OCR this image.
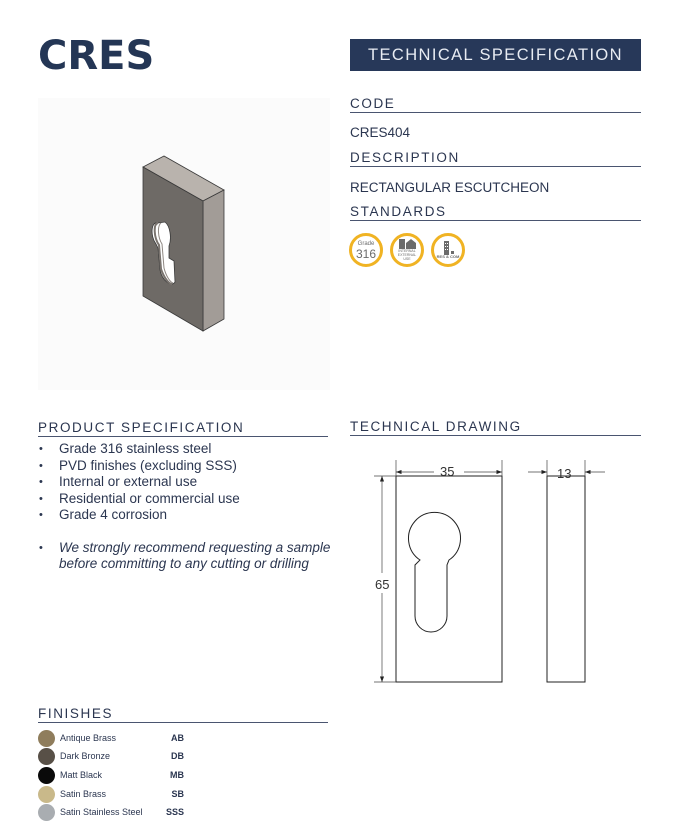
CRES	TECHNICAL SPECIFICATION
CODE
CRES404
DESCRIPTION
RECTANGULAR ESCUTCHEON
STANDARDS
Grade
316	INTERNAL
EXTERNAL
USE	RES & COM
PRODUCT SPECIFICATION
• Grade 316 stainless steel
• PVD finishes (excluding SSS)
• Internal or external use
• Residential or commercial use
• Grade 4 corrosion
• We strongly recommend requesting a sample before committing to any cutting or drilling
TECHNICAL DRAWING
35	13
65
FINISHES
Antique Brass	AB
Dark Bronze	DB
Matt Black	MB
Satin Brass	SB
Satin Stainless Steel	SSS
